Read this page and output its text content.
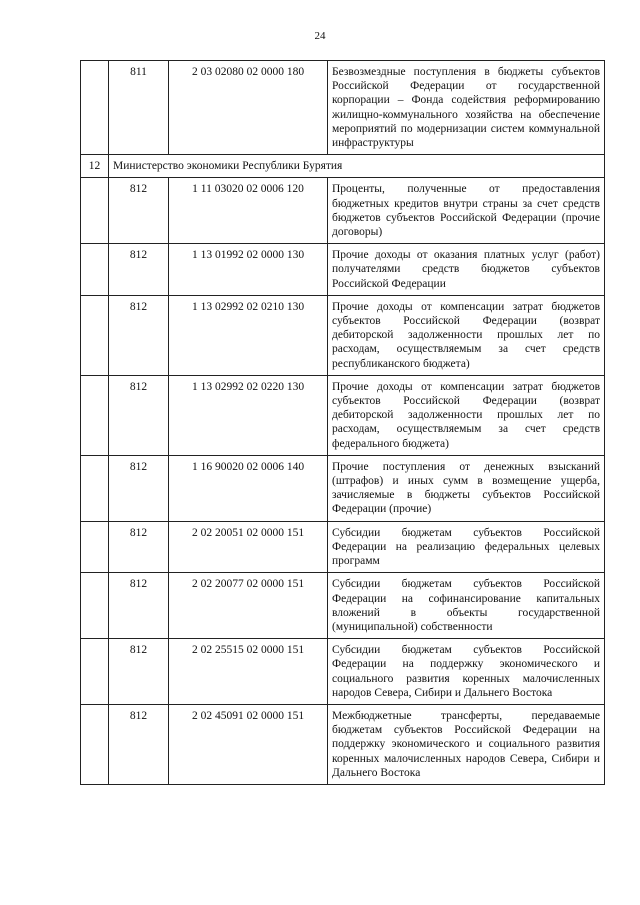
24
	811	2 03 02080 02 0000 180	Безвозмездные поступления в бюджеты субъектов Российской Федерации от государственной корпорации – Фонда содействия реформированию жилищно-коммунального хозяйства на обеспечение мероприятий по модернизации систем коммунальной инфраструктуры
12	Министерство экономики Республики Бурятия		
	812	1 11 03020 02 0006 120	Проценты, полученные от предоставления бюджетных кредитов внутри страны за счет средств бюджетов субъектов Российской Федерации (прочие договоры)
	812	1 13 01992 02 0000 130	Прочие доходы от оказания платных услуг (работ) получателями средств бюджетов субъектов Российской Федерации
	812	1 13 02992 02 0210 130	Прочие доходы от компенсации затрат бюджетов субъектов Российской Федерации (возврат дебиторской задолженности прошлых лет по расходам, осуществляемым за счет средств республиканского бюджета)
	812	1 13 02992 02 0220 130	Прочие доходы от компенсации затрат бюджетов субъектов Российской Федерации (возврат дебиторской задолженности прошлых лет по расходам, осуществляемым за счет средств федерального бюджета)
	812	1 16 90020 02 0006 140	Прочие поступления от денежных взысканий (штрафов) и иных сумм в возмещение ущерба, зачисляемые в бюджеты субъектов Российской Федерации (прочие)
	812	2 02 20051 02 0000 151	Субсидии бюджетам субъектов Российской Федерации на реализацию федеральных целевых программ
	812	2 02 20077 02 0000 151	Субсидии бюджетам субъектов Российской Федерации на софинансирование капитальных вложений в объекты государственной (муниципальной) собственности
	812	2 02 25515 02 0000 151	Субсидии бюджетам субъектов Российской Федерации на поддержку экономического и социального развития коренных малочисленных народов Севера, Сибири и Дальнего Востока
	812	2 02 45091 02 0000 151	Межбюджетные трансферты, передаваемые бюджетам субъектов Российской Федерации на поддержку экономического и социального развития коренных малочисленных народов Севера, Сибири и Дальнего Востока
